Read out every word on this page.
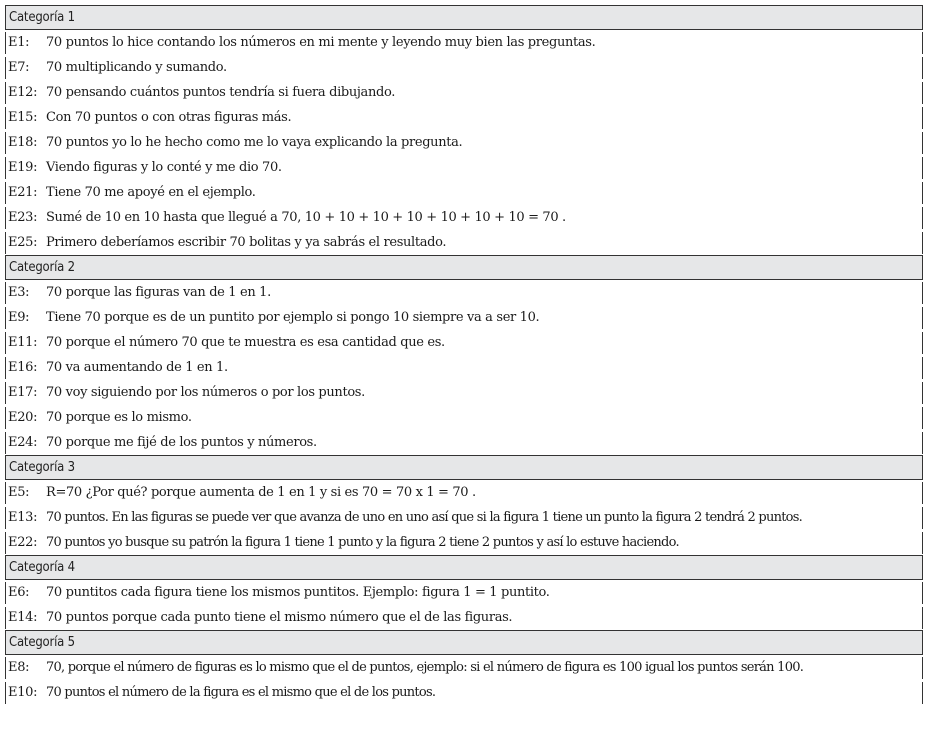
Categoría 1
E1: 70 puntos lo hice contando los números en mi mente y leyendo muy bien las preguntas.
E7: 70 multiplicando y sumando.
E12: 70 pensando cuántos puntos tendría si fuera dibujando.
E15: Con 70 puntos o con otras figuras más.
E18: 70 puntos yo lo he hecho como me lo vaya explicando la pregunta.
E19: Viendo figuras y lo conté y me dio 70.
E21: Tiene 70 me apoyé en el ejemplo.
E23: Sumé de 10 en 10 hasta que llegué a 70, 10 + 10 + 10 + 10 + 10 + 10 + 10 = 70 .
E25: Primero deberíamos escribir 70 bolitas y ya sabrás el resultado.
Categoría 2
E3: 70 porque las figuras van de 1 en 1.
E9: Tiene 70 porque es de un puntito por ejemplo si pongo 10 siempre va a ser 10.
E11: 70 porque el número 70 que te muestra es esa cantidad que es.
E16: 70 va aumentando de 1 en 1.
E17: 70 voy siguiendo por los números o por los puntos.
E20: 70 porque es lo mismo.
E24: 70 porque me fijé de los puntos y números.
Categoría 3
E5: R=70 ¿Por qué? porque aumenta de 1 en 1 y si es 70 = 70 x 1 = 70 .
E13: 70 puntos. En las figuras se puede ver que avanza de uno en uno así que si la figura 1 tiene un punto la figura 2 tendrá 2 puntos.
E22: 70 puntos yo busque su patrón la figura 1 tiene 1 punto y la figura 2 tiene 2 puntos y así lo estuve haciendo.
Categoría 4
E6: 70 puntitos cada figura tiene los mismos puntitos. Ejemplo: figura 1 = 1 puntito.
E14: 70 puntos porque cada punto tiene el mismo número que el de las figuras.
Categoría 5
E8: 70, porque el número de figuras es lo mismo que el de puntos, ejemplo: si el número de figura es 100 igual los puntos serán 100.
E10: 70 puntos el número de la figura es el mismo que el de los puntos.
